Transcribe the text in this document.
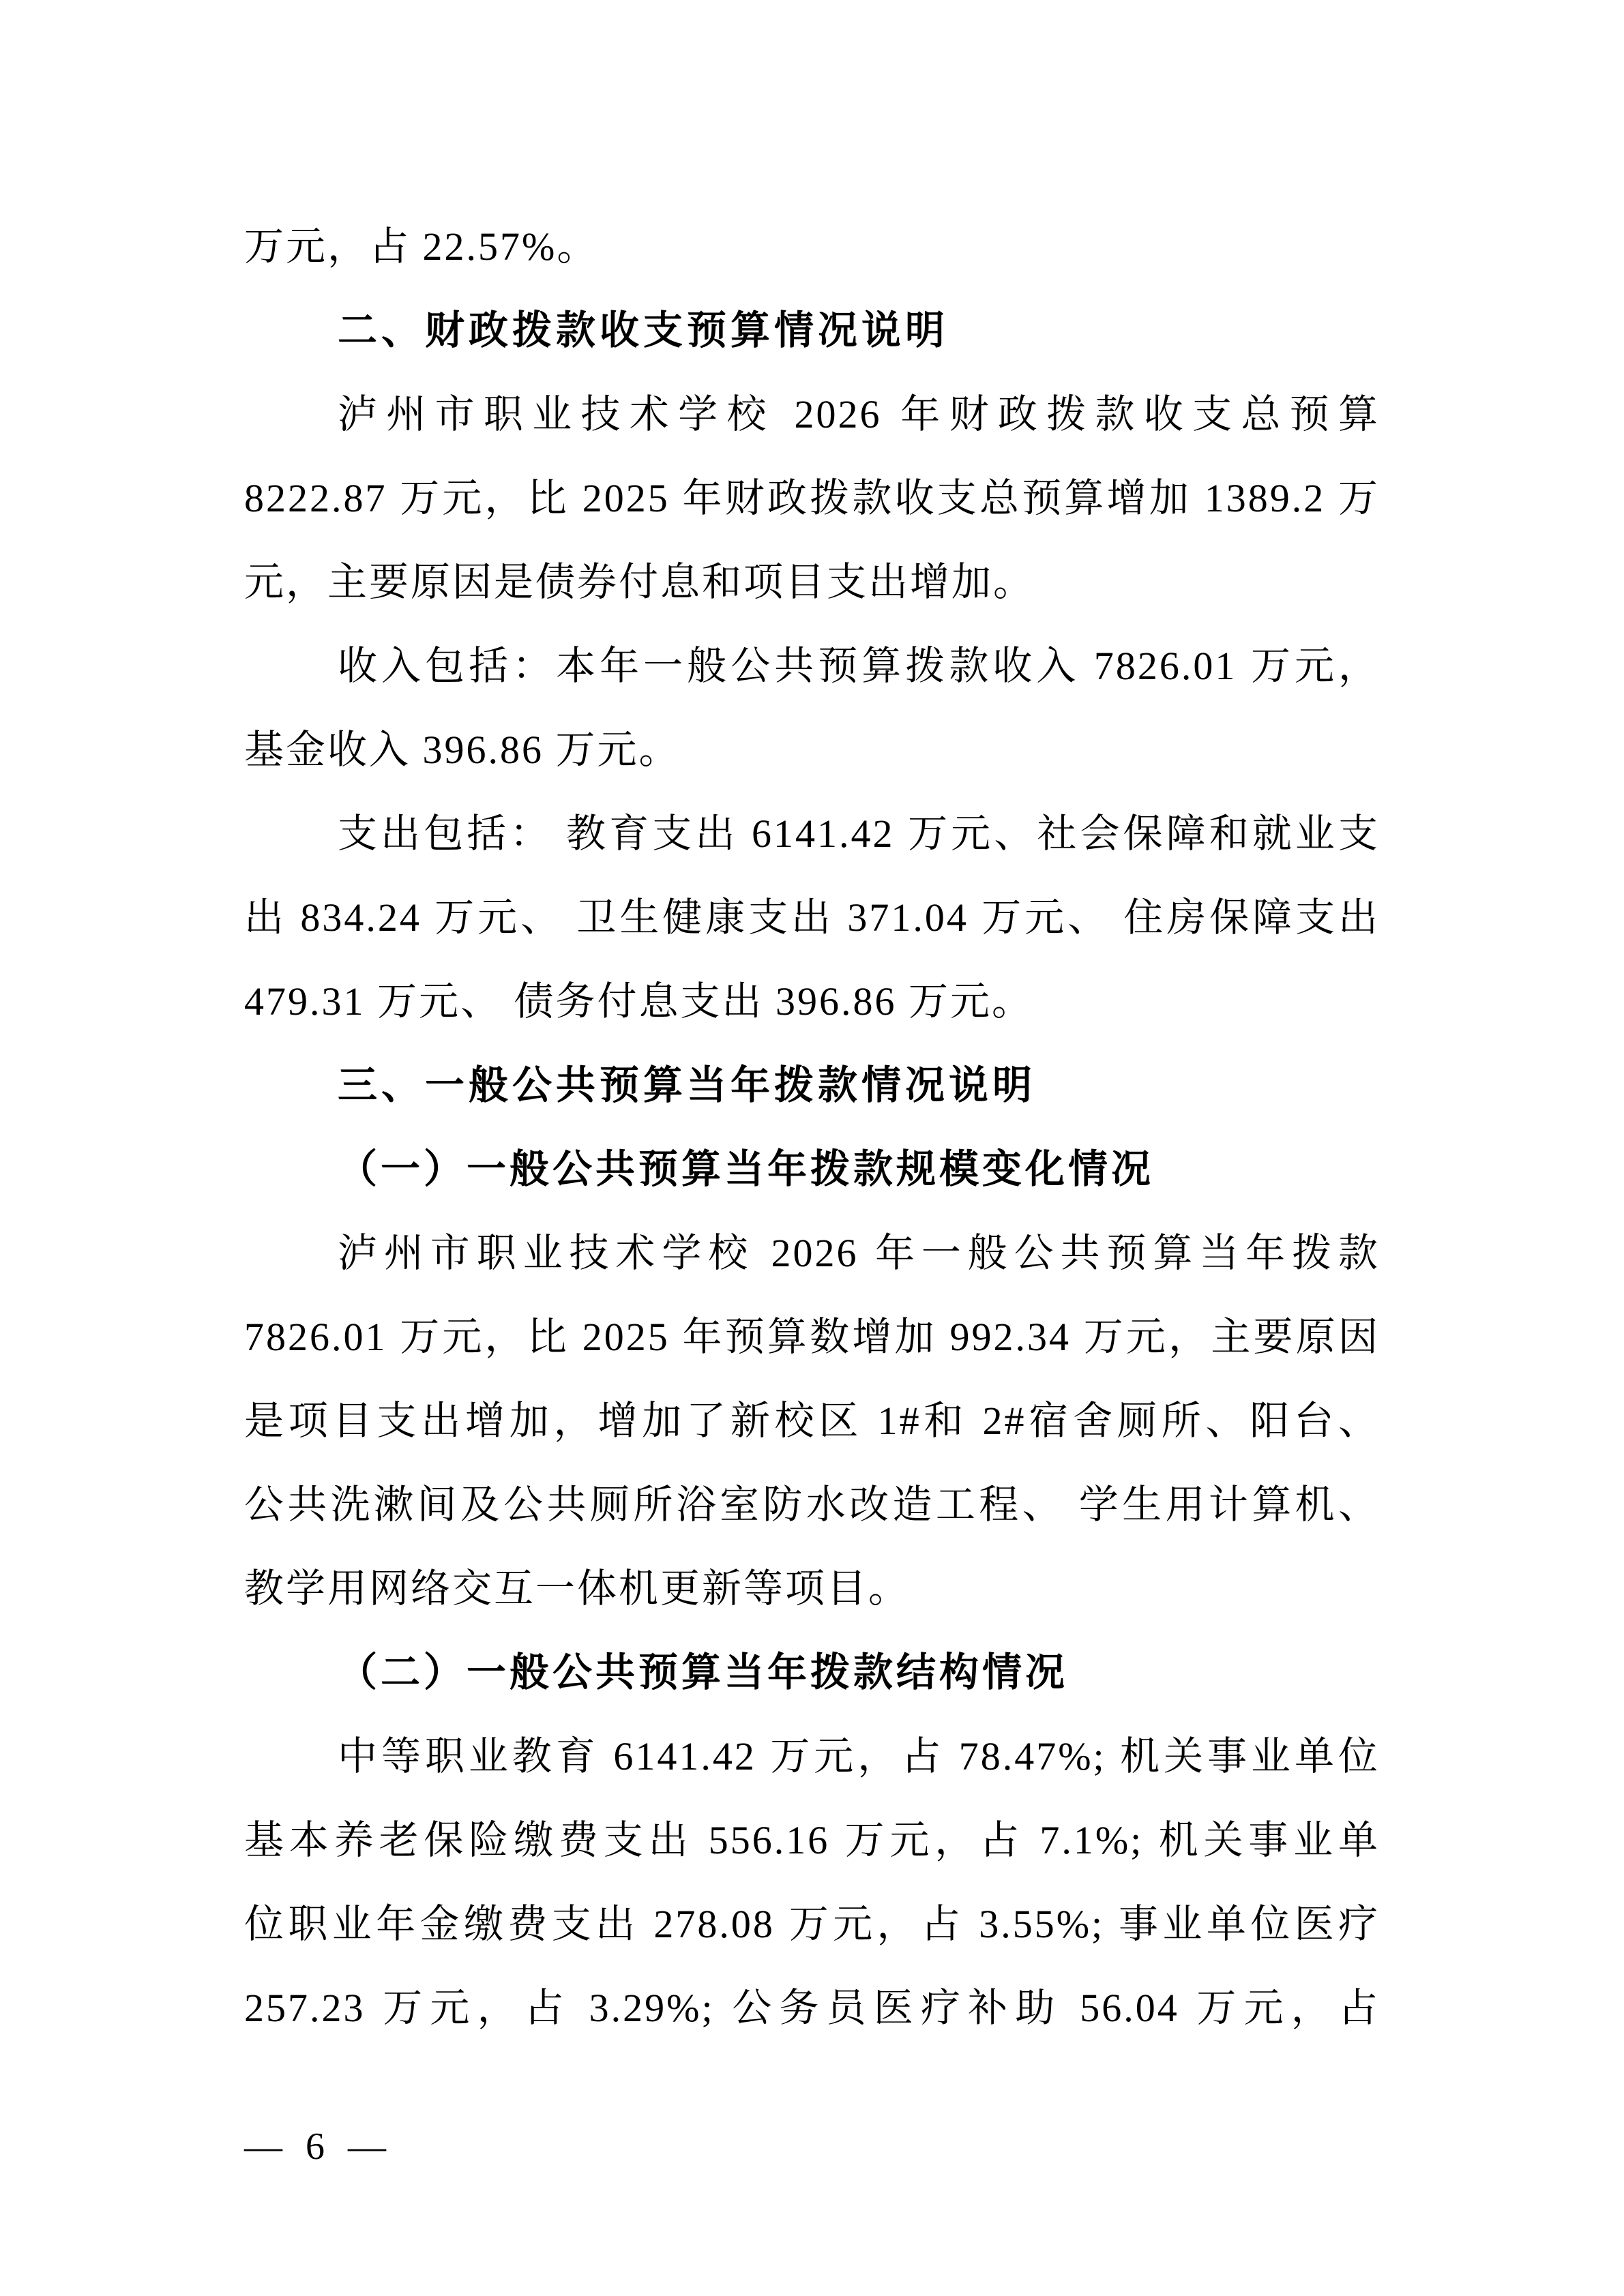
万元，占 22.57%。
二、财政拨款收支预算情况说明
泸州市职业技术学校 2026 年财政拨款收支总预算
8222.87 万元，比 2025 年财政拨款收支总预算增加 1389.2 万
元，主要原因是债券付息和项目支出增加。
收入包括：本年一般公共预算拨款收入 7826.01 万元，
基金收入 396.86 万元。
支出包括： 教育支出 6141.42 万元、社会保障和就业支
出 834.24 万元、 卫生健康支出 371.04 万元、 住房保障支出
479.31 万元、 债务付息支出 396.86 万元。
三、一般公共预算当年拨款情况说明
（一）一般公共预算当年拨款规模变化情况
泸州市职业技术学校 2026 年一般公共预算当年拨款
7826.01 万元，比 2025 年预算数增加 992.34 万元，主要原因
是项目支出增加，增加了新校区 1#和 2#宿舍厕所、阳台、
公共洗漱间及公共厕所浴室防水改造工程、 学生用计算机、
教学用网络交互一体机更新等项目。
（二）一般公共预算当年拨款结构情况
中等职业教育 6141.42 万元，占 78.47%; 机关事业单位
基本养老保险缴费支出 556.16 万元，占 7.1%; 机关事业单
位职业年金缴费支出 278.08 万元，占 3.55%; 事业单位医疗
257.23 万元，占 3.29%; 公务员医疗补助 56.04 万元，占
— 6 —
